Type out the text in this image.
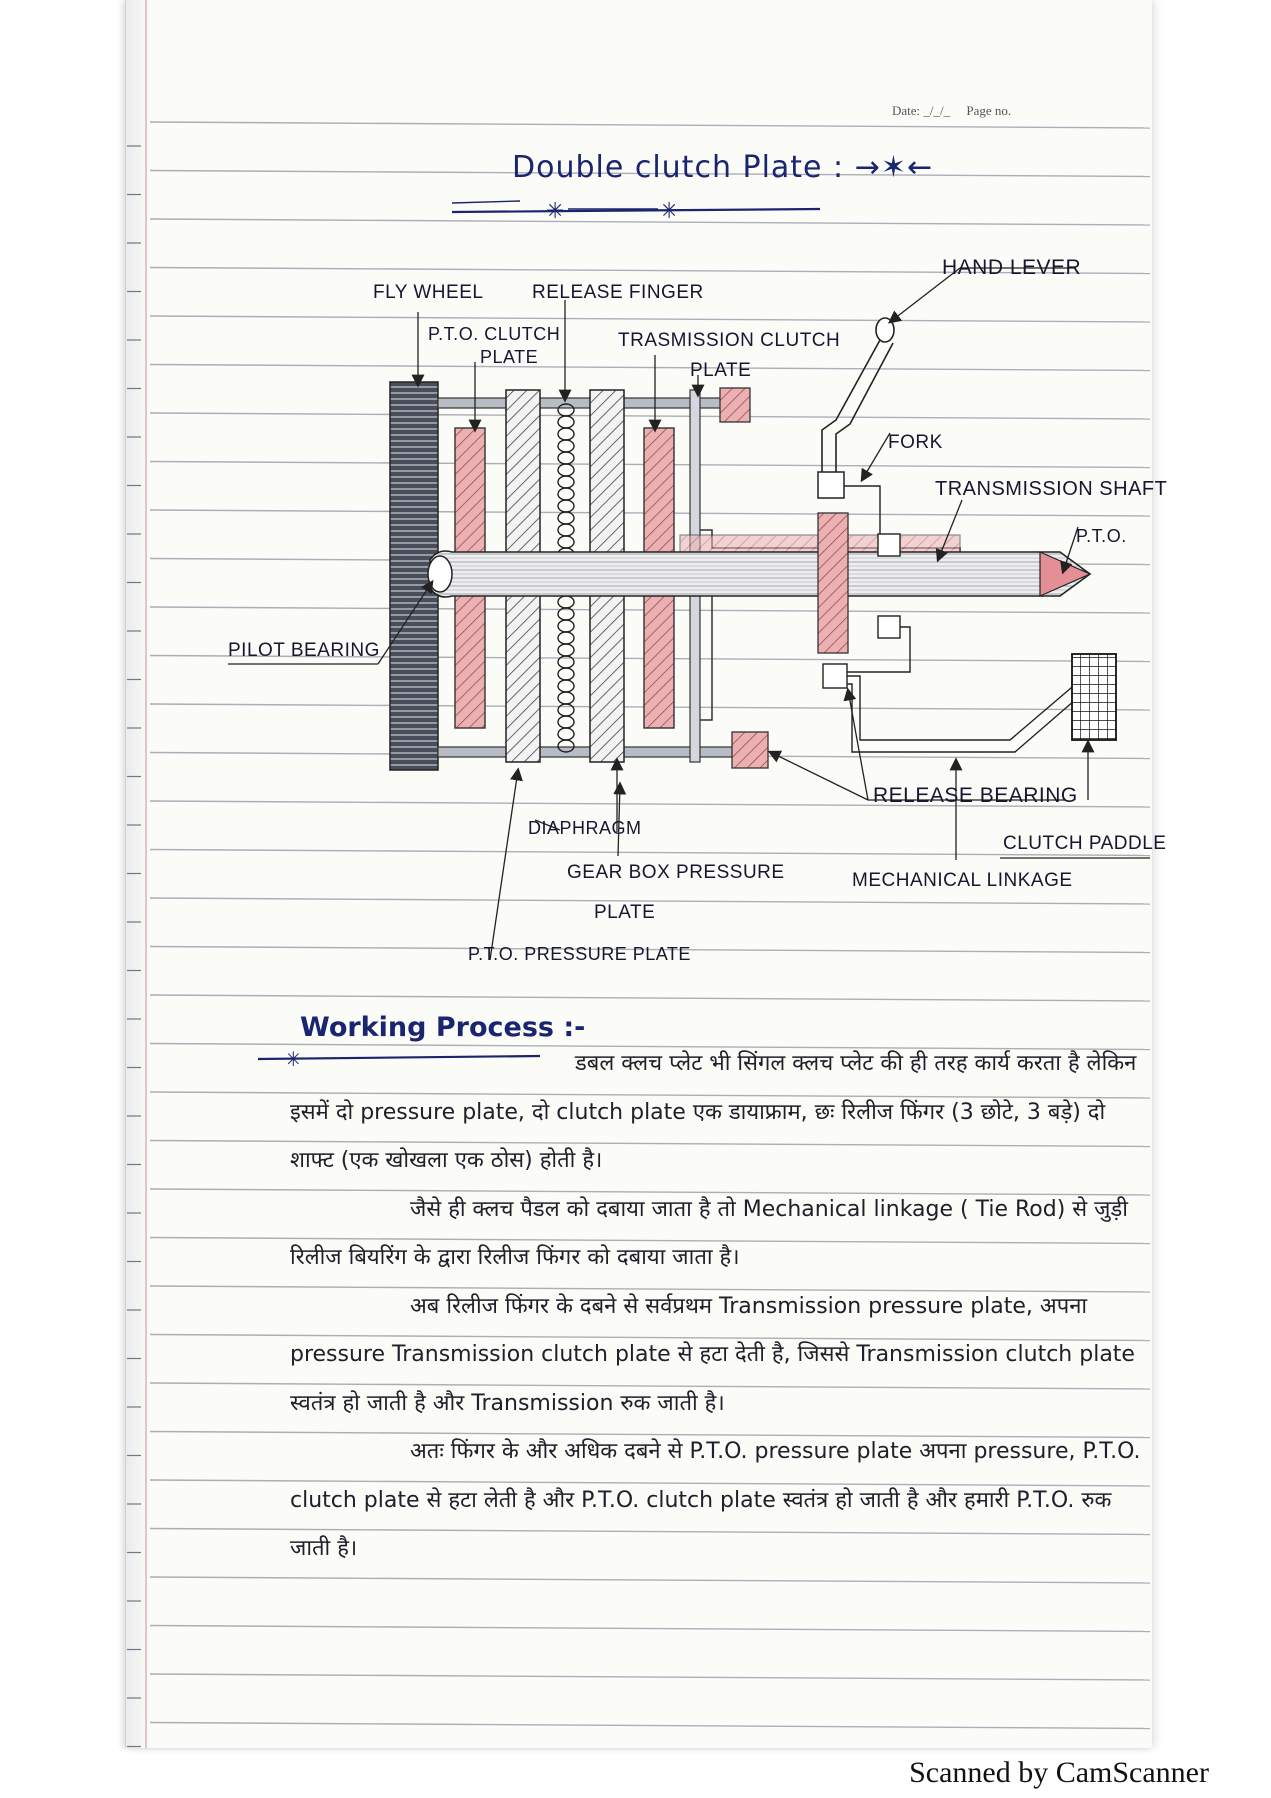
Date: _/_/_ Page no.
Double clutch Plate : →✶←
✳	✳
FLY WHEEL	RELEASE FINGER
HAND LEVER
P.T.O. CLUTCH
PLATE
TRASMISSION CLUTCH
PLATE
FORK
TRANSMISSION SHAFT
P.T.O.
PILOT BEARING
RELEASE BEARING
CLUTCH PADDLE
DIAPHRAGM
GEAR BOX PRESSURE
PLATE
MECHANICAL LINKAGE
P.T.O. PRESSURE PLATE
Working Process :-
✳	डबल क्लच प्लेट भी सिंगल क्लच प्लेट की ही तरह कार्य करता है लेकिन इसमें दो pressure plate, दो clutch plate एक डायाफ्राम, छः रिलीज फिंगर (3 छोटे, 3 बड़े) दो शाफ्ट (एक खोखला एक ठोस) होती है।

जैसे ही क्लच पैडल को दबाया जाता है तो Mechanical linkage ( Tie Rod) से जुड़ी रिलीज बियरिंग के द्वारा रिलीज फिंगर को दबाया जाता है।

अब रिलीज फिंगर के दबने से सर्वप्रथम Transmission pressure plate, अपना pressure Transmission clutch plate से हटा देती है, जिससे Transmission clutch plate स्वतंत्र हो जाती है और Transmission रुक जाती है।

अतः फिंगर के और अधिक दबने से P.T.O. pressure plate अपना pressure, P.T.O. clutch plate से हटा लेती है और P.T.O. clutch plate स्वतंत्र हो जाती है और हमारी P.T.O. रुक जाती है।

Scanned by CamScanner
